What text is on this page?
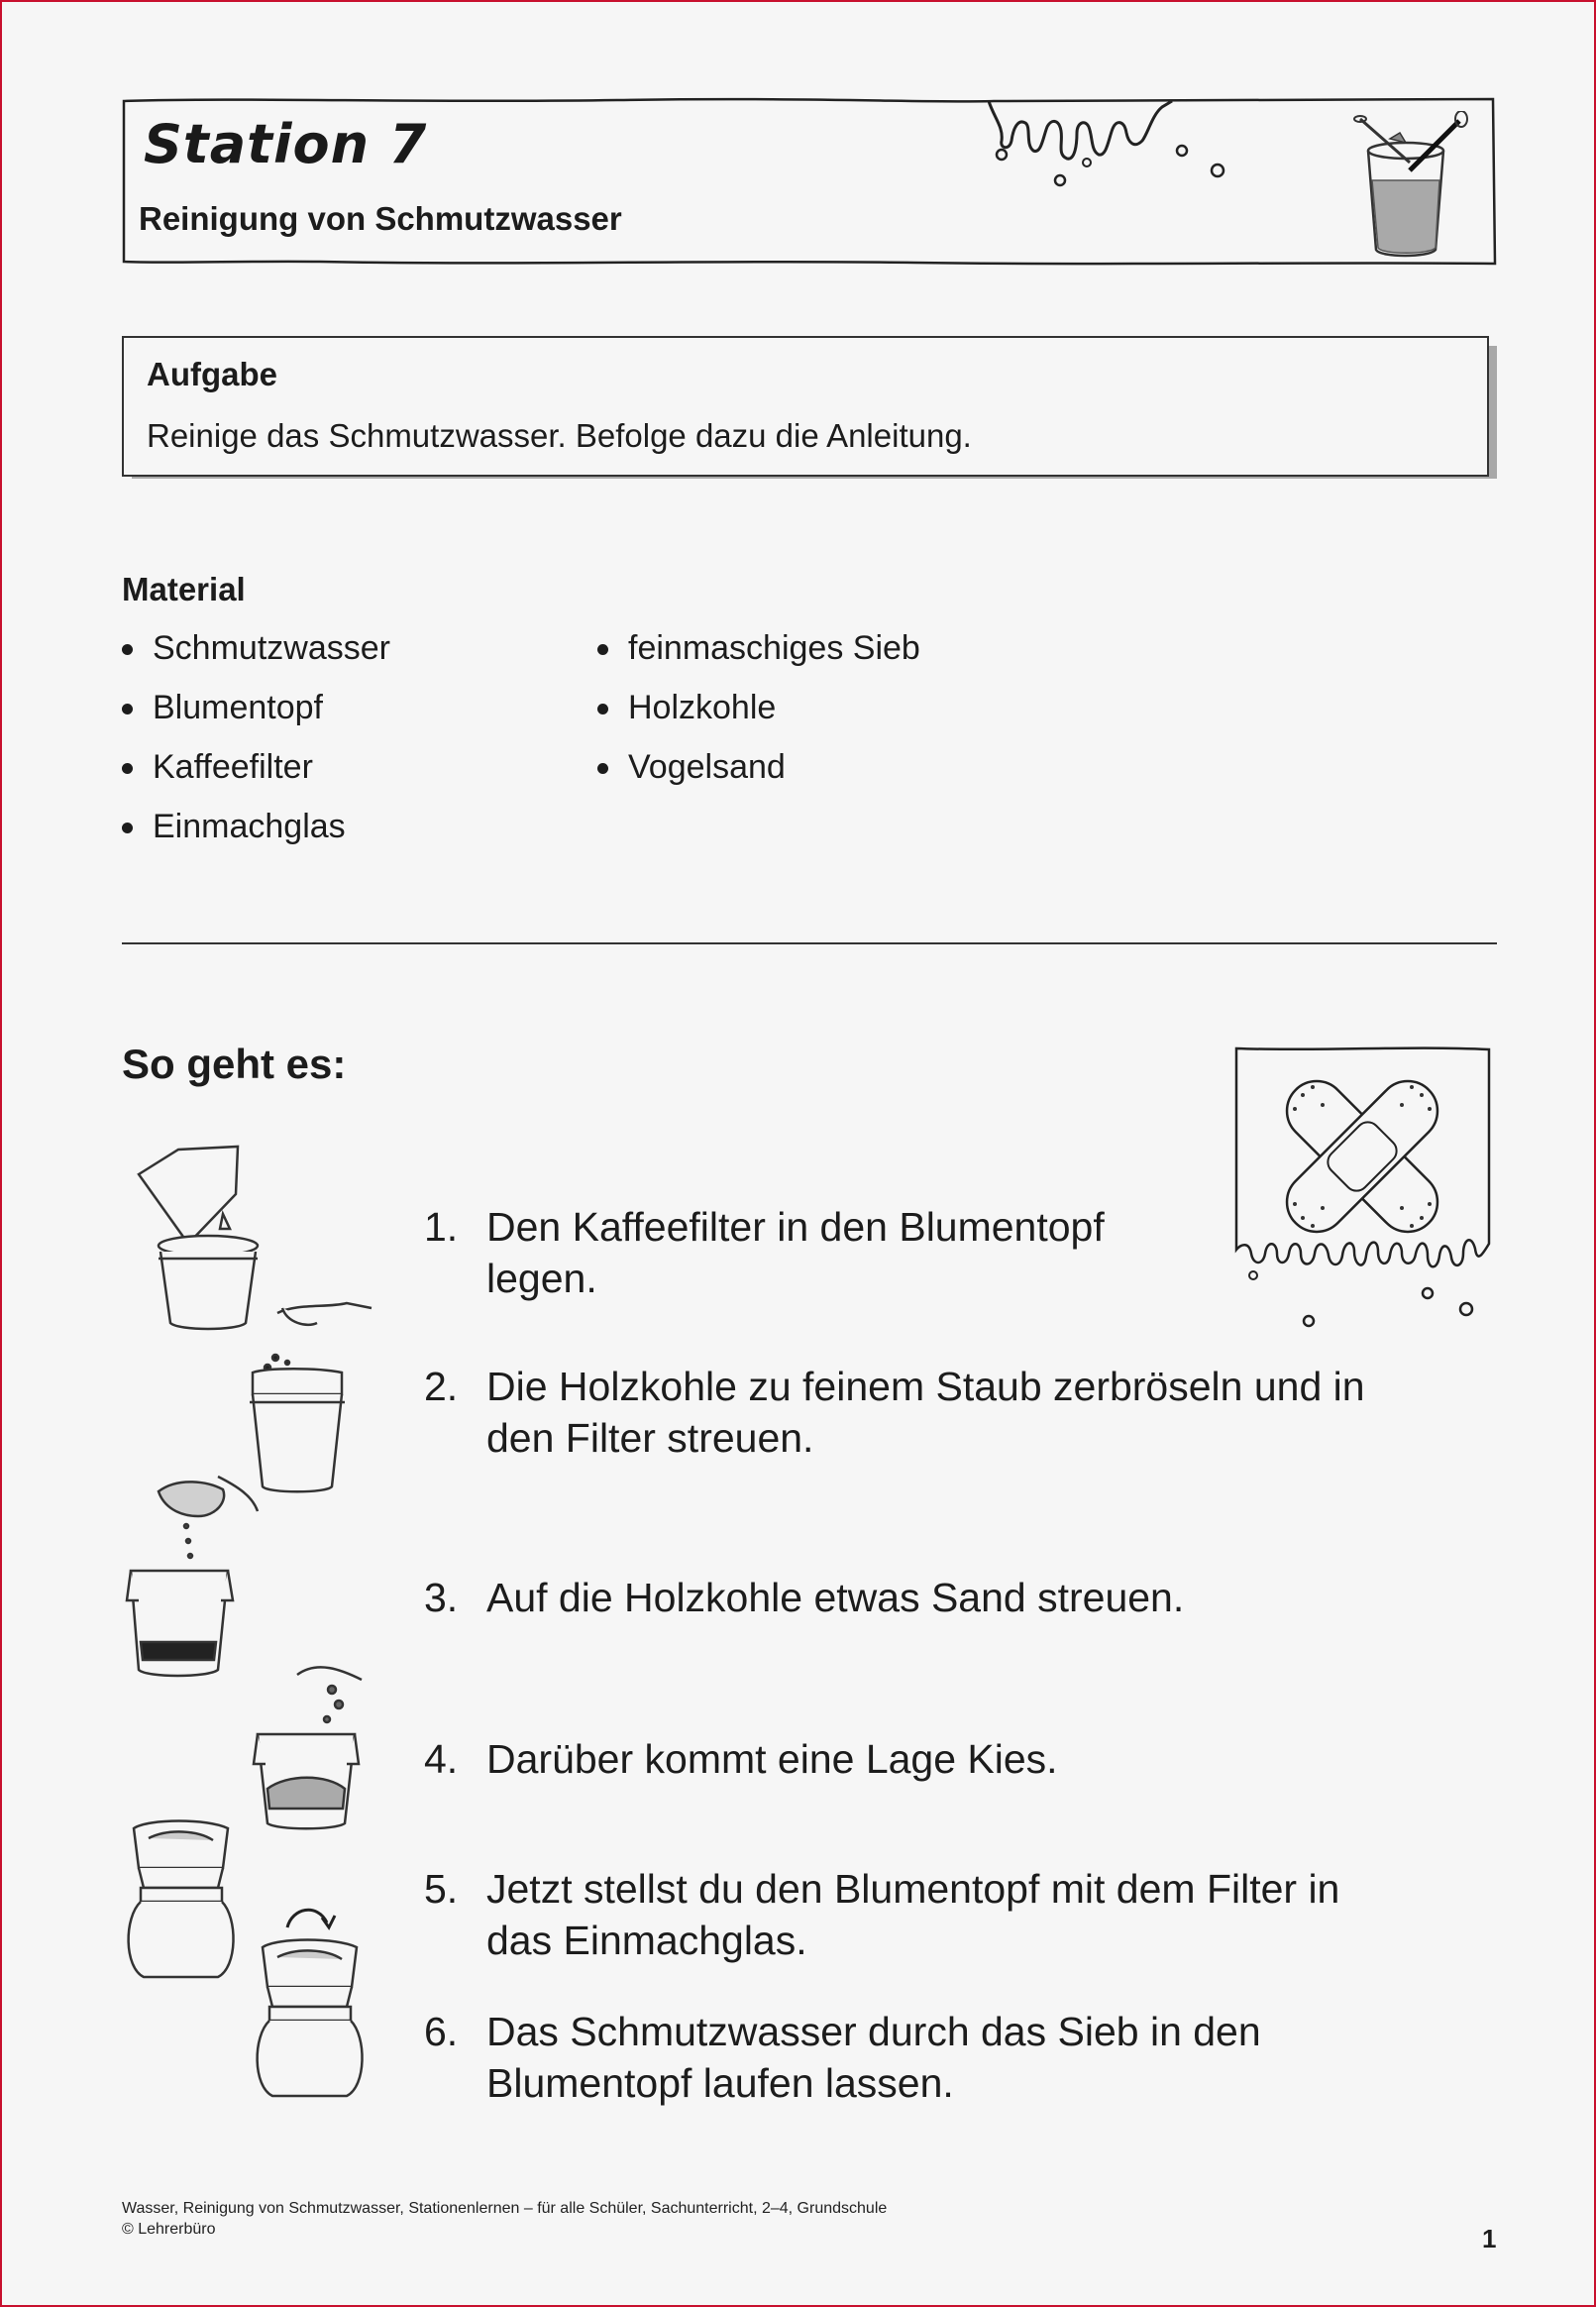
Station 7
Reinigung von Schmutzwasser
Aufgabe
Reinige das Schmutzwasser. Befolge dazu die Anleitung.
Material
Schmutzwasser
Blumentopf
Kaffeefilter
Einmachglas
feinmaschiges Sieb
Holzkohle
Vogelsand
So geht es:
1. Den Kaffeefilter in den Blumentopf legen.
2. Die Holzkohle zu feinem Staub zerbröseln und in den Filter streuen.
3. Auf die Holzkohle etwas Sand streuen.
4. Darüber kommt eine Lage Kies.
5. Jetzt stellst du den Blumentopf mit dem Filter in das Einmachglas.
6. Das Schmutzwasser durch das Sieb in den Blumentopf laufen lassen.
Wasser, Reinigung von Schmutzwasser, Stationenlernen – für alle Schüler, Sachunterricht, 2–4, Grundschule
© Lehrerbüro	1
